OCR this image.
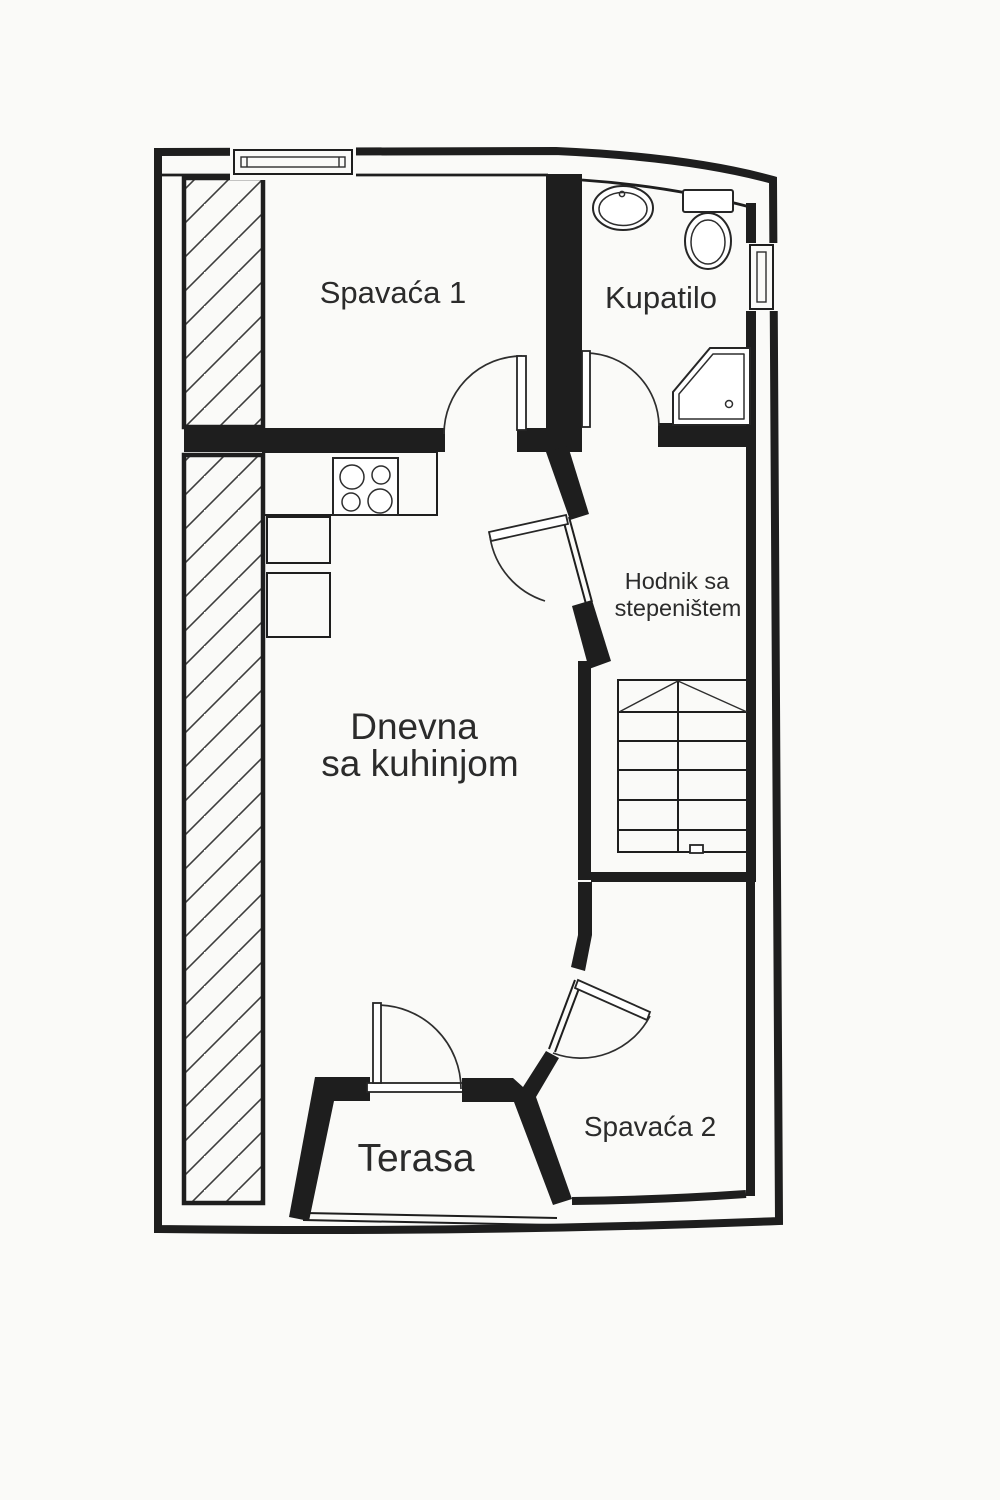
Spavaća 1	Kupatilo
Hodnik sa
stepeništem
Dnevna
sa kuhinjom
Terasa
Spavaća 2
